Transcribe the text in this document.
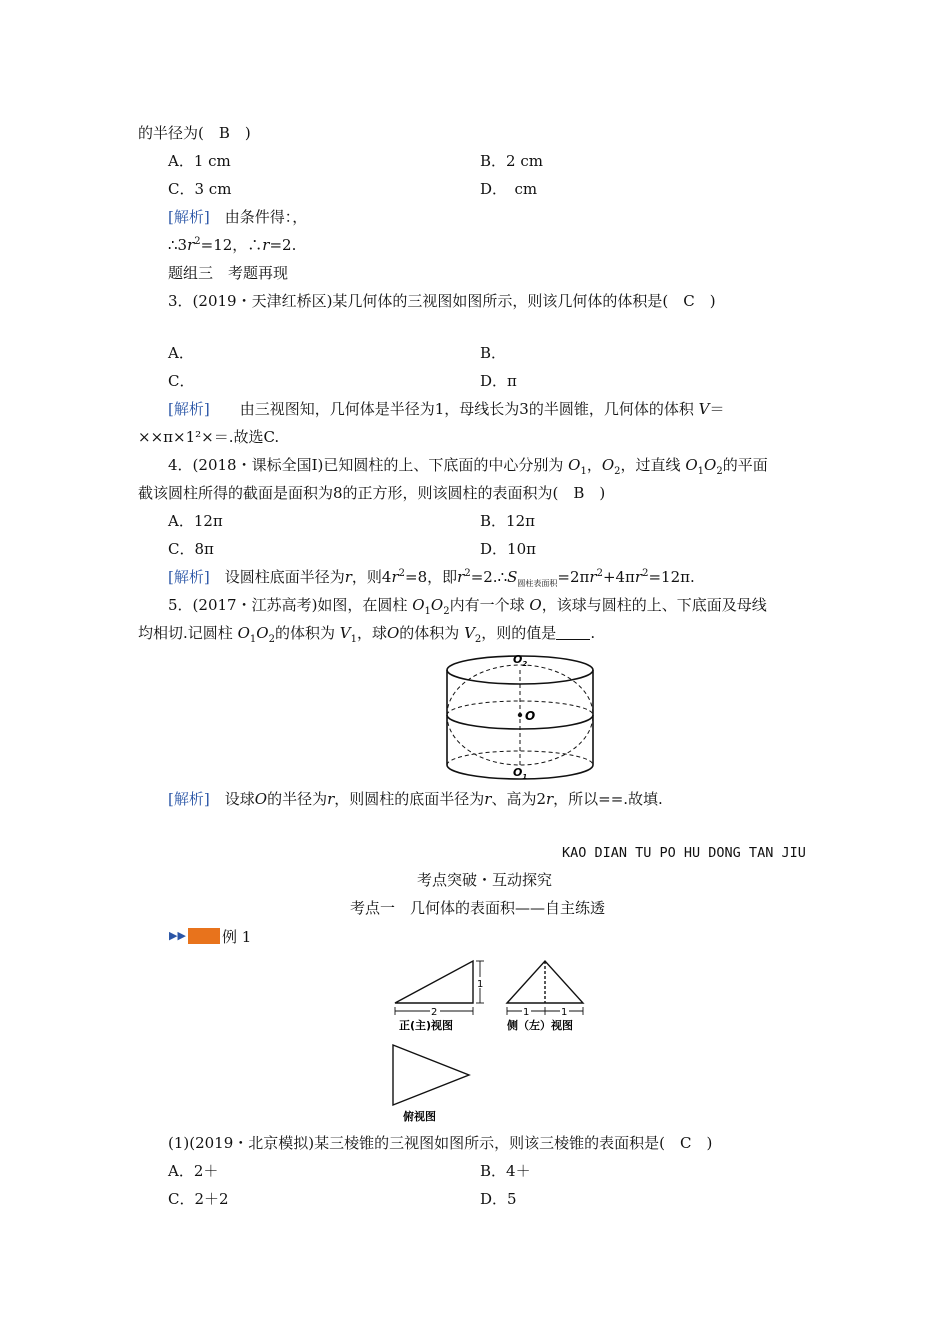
的半径为(　B　)
A．1 cm	B．2 cm
C．3 cm	D．　cm
[解析]　 由条件得：，
$\therefore 3r^2=12$，∴r=2.
题组三　考题再现
3．(2019・天津红桥区)某几何体的三视图如图所示，则该几何体的体积是(　C　)
A．	B．
C．	D．π
[解析]　　 由三视图知，几何体是半径为1，母线长为3的半圆锥，几何体的体积 V＝
××π×1²×＝.故选C.
4．(2018・课标全国Ⅰ)已知圆柱的上、下底面的中心分别为 $O_1$，$O_2$，过直线 $O_1O_2$的平面
截该圆柱所得的截面是面积为8的正方形，则该圆柱的表面积为(　B　)
A．12π	B．12π
C．8π	D．10π
[解析]　 设圆柱底面半径为r，则$4r^2=8$，即$r^2=2.\therefore S_{圆柱表面积}=2\pi r^2+4\pi r^2=12\pi$.
5．(2017・江苏高考)如图，在圆柱 $O_1O_2$内有一个球 O，该球与圆柱的上、下底面及母线
均相切.记圆柱 $O_1O_2$的体积为 $V_1$，球O的体积为 $V_2$，则的值是 .
$O_2$
O
$O_1$
[解析]　 设球O的半径为r，则圆柱的底面半径为r、高为2r，所以==.故填.
KAO DIAN TU PO HU DONG TAN JIU
考点突破・互动探究
考点一　几何体的表面积——自主练透
▶▶ 例 1
2
1
1	1
正(主)视图	侧（左）视图
俯视图
(1)(2019・北京模拟)某三棱锥的三视图如图所示，则该三棱锥的表面积是(　C　)
A．2＋	B．4＋
C．2＋2	D．5
